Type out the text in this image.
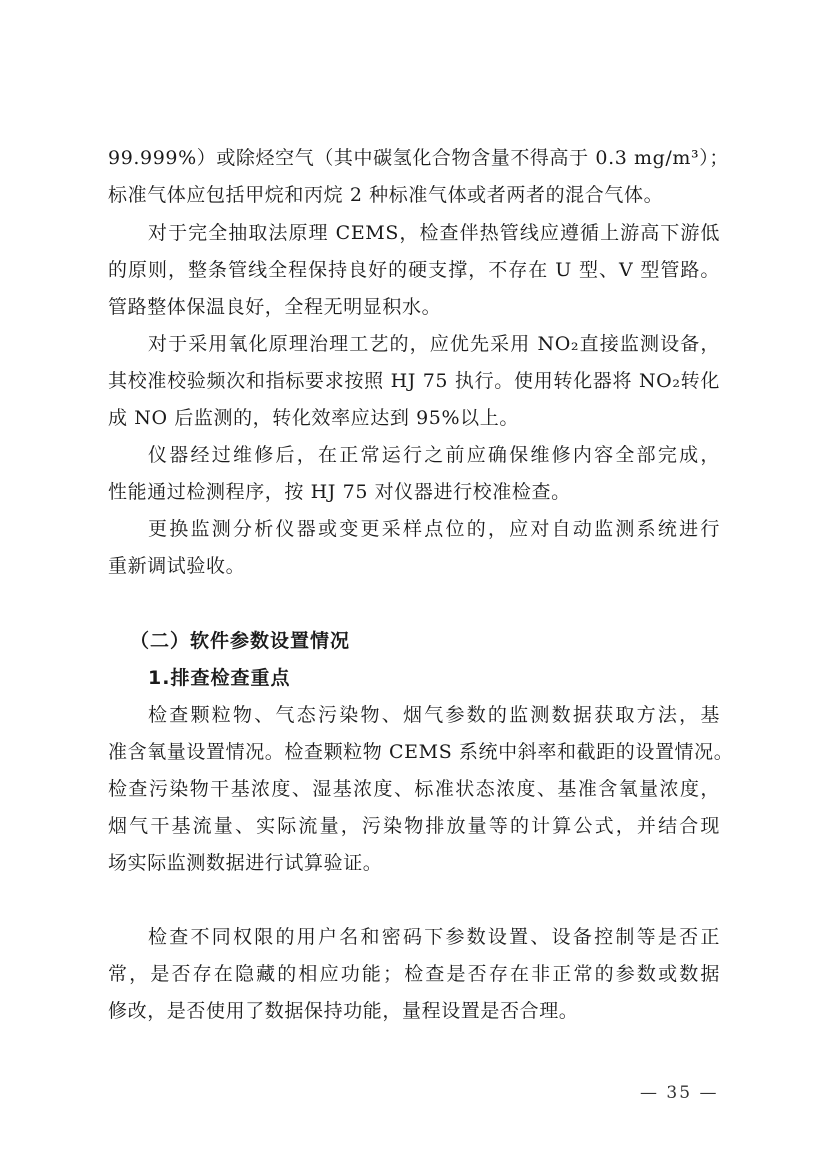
99.999%）或除烃空气（其中碳氢化合物含量不得高于 0.3 mg/m³）；
标准气体应包括甲烷和丙烷 2 种标准气体或者两者的混合气体。
对于完全抽取法原理 CEMS，检查伴热管线应遵循上游高下游低
的原则，整条管线全程保持良好的硬支撑，不存在 U 型、V 型管路。
管路整体保温良好，全程无明显积水。
对于采用氧化原理治理工艺的，应优先采用 NO₂直接监测设备，
其校准校验频次和指标要求按照 HJ 75 执行。使用转化器将 NO₂转化
成 NO 后监测的，转化效率应达到 95%以上。
仪器经过维修后，在正常运行之前应确保维修内容全部完成，
性能通过检测程序，按 HJ 75 对仪器进行校准检查。
更换监测分析仪器或变更采样点位的，应对自动监测系统进行
重新调试验收。
（二）软件参数设置情况
1.排查检查重点
检查颗粒物、气态污染物、烟气参数的监测数据获取方法，基
准含氧量设置情况。检查颗粒物 CEMS 系统中斜率和截距的设置情况。
检查污染物干基浓度、湿基浓度、标准状态浓度、基准含氧量浓度，
烟气干基流量、实际流量，污染物排放量等的计算公式，并结合现
场实际监测数据进行试算验证。
检查不同权限的用户名和密码下参数设置、设备控制等是否正
常，是否存在隐藏的相应功能；检查是否存在非正常的参数或数据
修改，是否使用了数据保持功能，量程设置是否合理。
— 35 —
